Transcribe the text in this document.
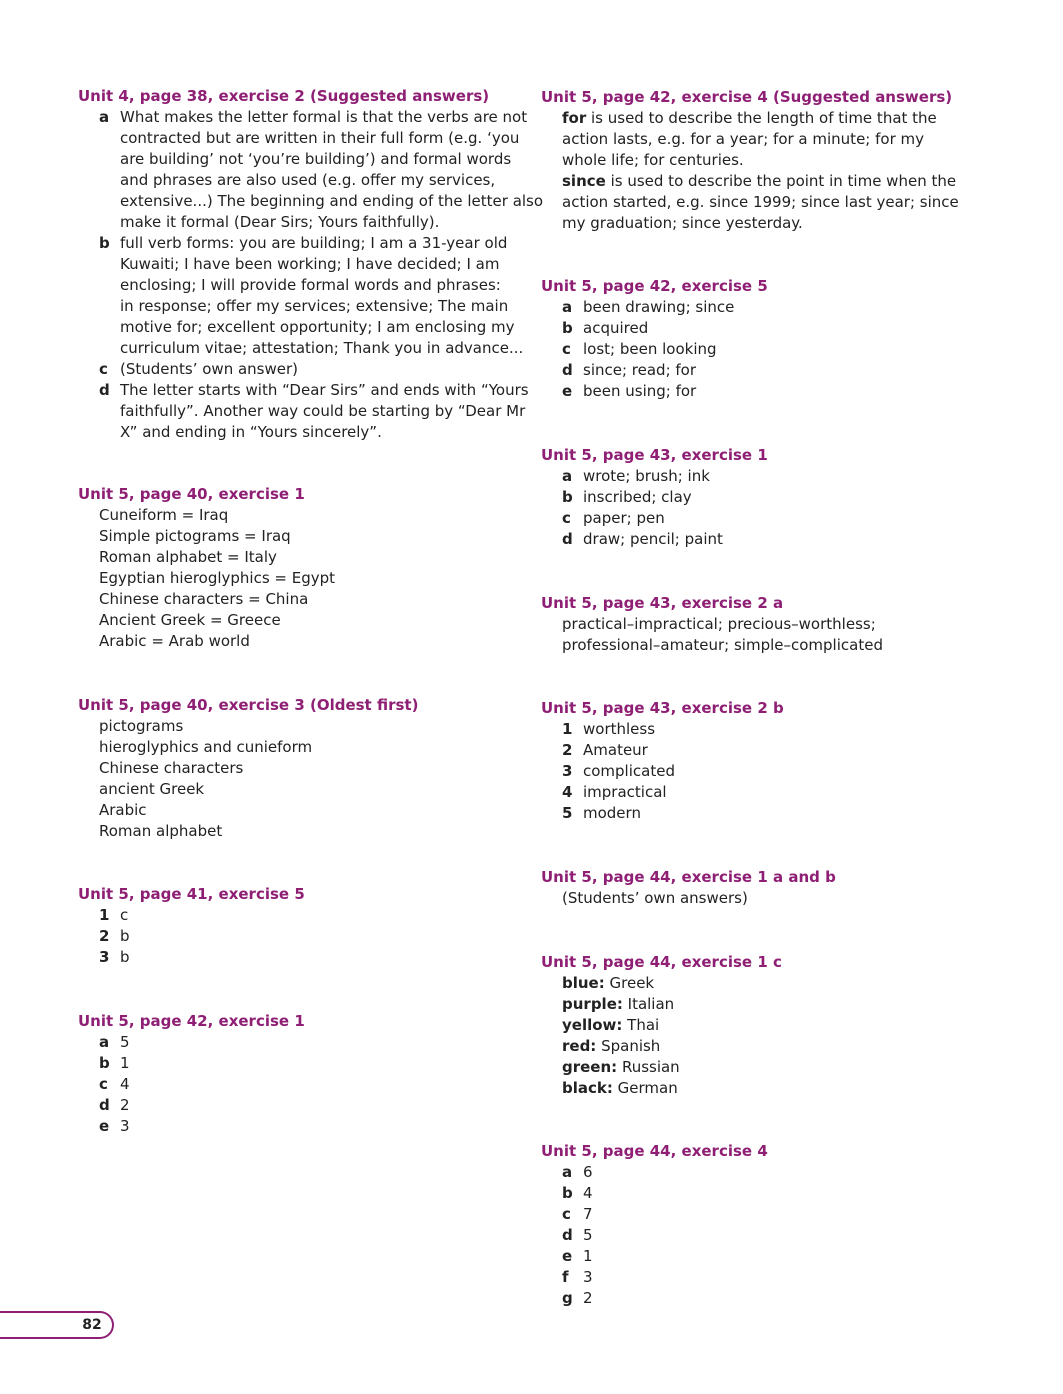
Unit 4, page 38, exercise 2 (Suggested answers)
a What makes the letter formal is that the verbs are not
contracted but are written in their full form (e.g. ‘you
are building’ not ‘you’re building’) and formal words
and phrases are also used (e.g. offer my services,
extensive...) The beginning and ending of the letter also
make it formal (Dear Sirs; Yours faithfully).
b full verb forms: you are building; I am a 31-year old
Kuwaiti; I have been working; I have decided; I am
enclosing; I will provide formal words and phrases:
in response; offer my services; extensive; The main
motive for; excellent opportunity; I am enclosing my
curriculum vitae; attestation; Thank you in advance...
c (Students’ own answer)
d The letter starts with “Dear Sirs” and ends with “Yours
faithfully”. Another way could be starting by “Dear Mr
X” and ending in “Yours sincerely”.
Unit 5, page 40, exercise 1
Cuneiform = Iraq
Simple pictograms = Iraq
Roman alphabet = Italy
Egyptian hieroglyphics = Egypt
Chinese characters = China
Ancient Greek = Greece
Arabic = Arab world
Unit 5, page 40, exercise 3 (Oldest first)
pictograms
hieroglyphics and cunieform
Chinese characters
ancient Greek
Arabic
Roman alphabet
Unit 5, page 41, exercise 5
1 c
2 b
3 b
Unit 5, page 42, exercise 1
a 5
b 1
c 4
d 2
e 3
Unit 5, page 42, exercise 4 (Suggested answers)
for is used to describe the length of time that the
action lasts, e.g. for a year; for a minute; for my
whole life; for centuries.
since is used to describe the point in time when the
action started, e.g. since 1999; since last year; since
my graduation; since yesterday.
Unit 5, page 42, exercise 5
a been drawing; since
b acquired
c lost; been looking
d since; read; for
e been using; for
Unit 5, page 43, exercise 1
a wrote; brush; ink
b inscribed; clay
c paper; pen
d draw; pencil; paint
Unit 5, page 43, exercise 2 a
practical–impractical; precious–worthless;
professional–amateur; simple–complicated
Unit 5, page 43, exercise 2 b
1 worthless
2 Amateur
3 complicated
4 impractical
5 modern
Unit 5, page 44, exercise 1 a and b
(Students’ own answers)
Unit 5, page 44, exercise 1 c
blue: Greek
purple: Italian
yellow: Thai
red: Spanish
green: Russian
black: German
Unit 5, page 44, exercise 4
a 6
b 4
c 7
d 5
e 1
f 3
g 2
82
